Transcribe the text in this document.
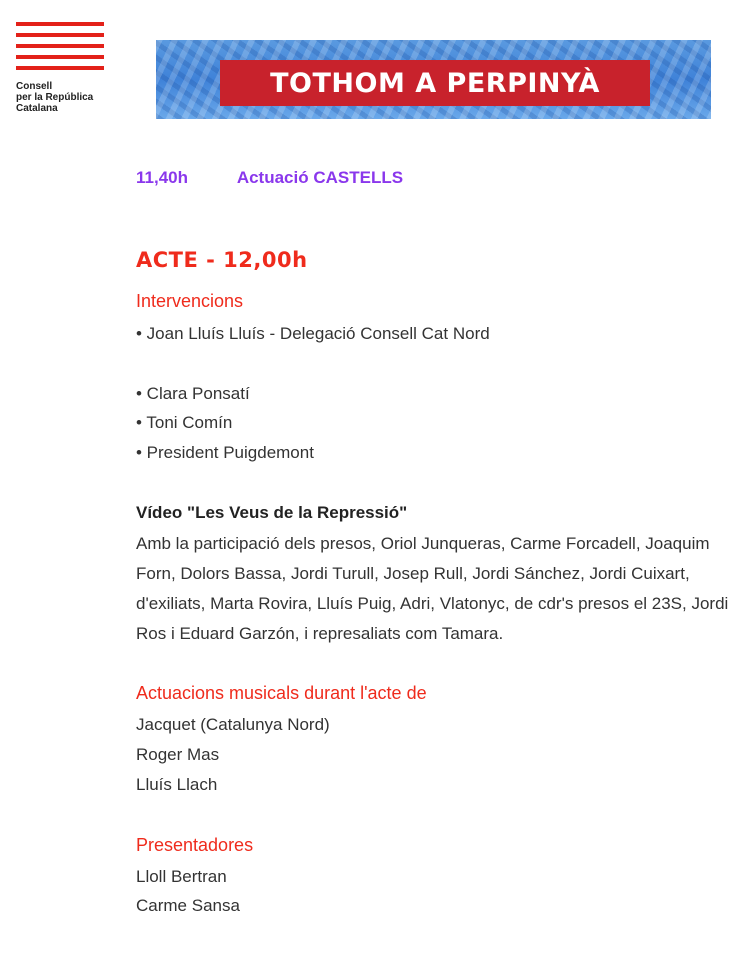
Consell
per la República
Catalana
TOTHOM A PERPINYÀ
11,40h	Actuació CASTELLS
ACTE - 12,00h
Intervencions
• Joan Lluís Lluís - Delegació Consell Cat Nord
• Clara Ponsatí
• Toni Comín
• President Puigdemont
Vídeo "Les Veus de la Repressió"
Amb la participació dels presos, Oriol Junqueras, Carme Forcadell, Joaquim Forn, Dolors Bassa, Jordi Turull, Josep Rull, Jordi Sánchez, Jordi Cuixart, d'exiliats, Marta Rovira, Lluís Puig, Adri, Vlatonyc, de cdr's presos el 23S, Jordi Ros i Eduard Garzón, i represaliats com Tamara.
Actuacions musicals durant l'acte de
Jacquet (Catalunya Nord)
Roger Mas
Lluís Llach
Presentadores
Lloll Bertran
Carme Sansa
